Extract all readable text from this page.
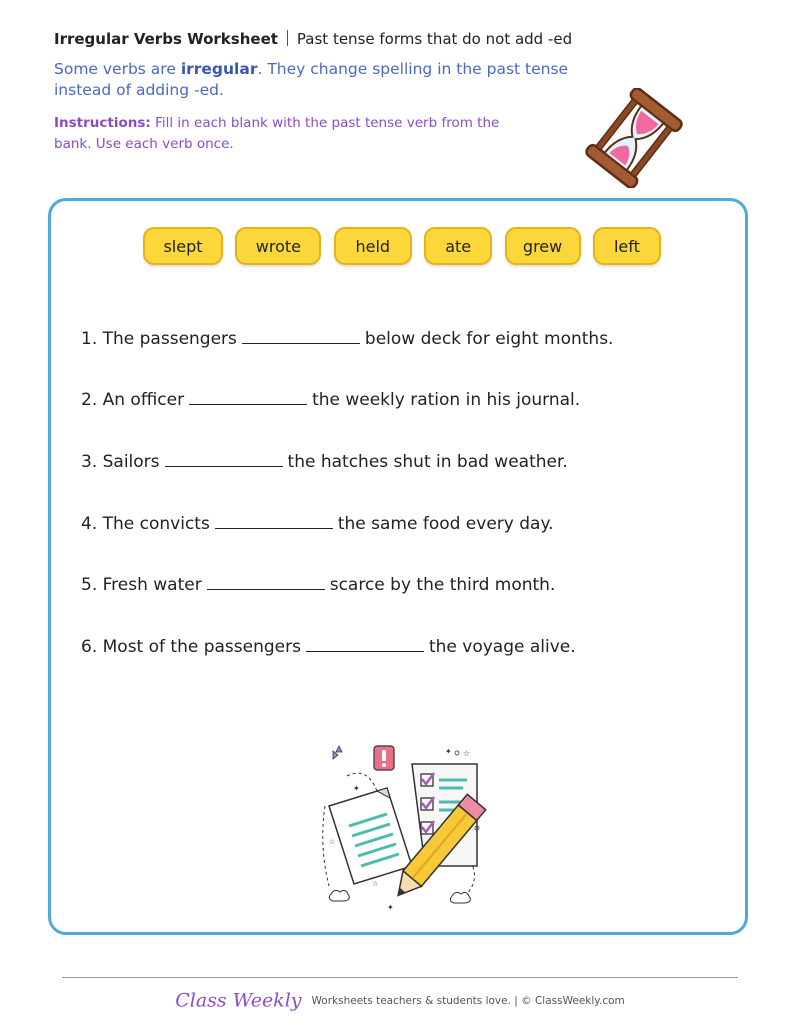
Irregular Verbs Worksheet Past tense forms that do not add -ed
Some verbs are irregular. They change spelling in the past tense instead of adding -ed.
Instructions: Fill in each blank with the past tense verb from the bank. Use each verb once.
slept	wrote	held	ate	grew	left
1. The passengers	below deck for eight months.
2. An officer	the weekly ration in his journal.
3. Sailors	the hatches shut in bad weather.
4. The convicts	the same food every day.
5. Fresh water	scarce by the third month.
6. Most of the passengers	the voyage alive.
✦
✦ ☆
✦
☆
☆
Class Weekly Worksheets teachers & students love. | © ClassWeekly.com
